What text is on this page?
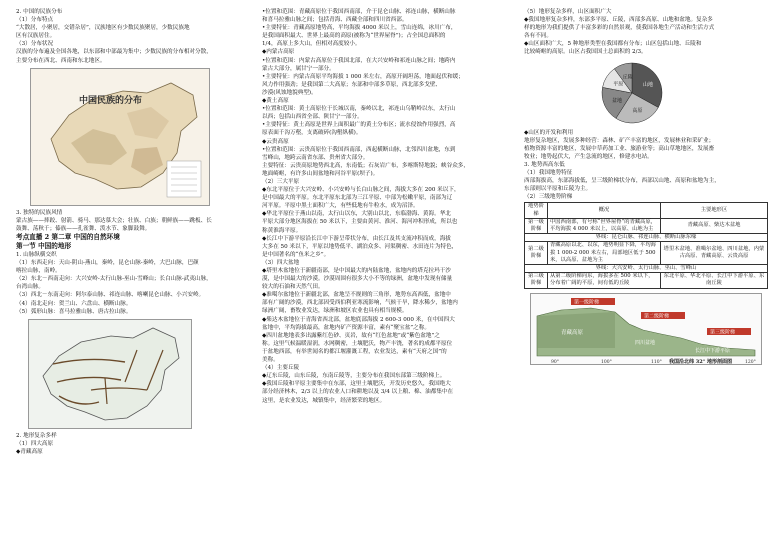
2. 中国的民族分布

（1）分布特点

“大散居，小聚居，交错杂居”，汉族地区有少数民族聚居，少数民族地

区有汉族居住。

（3）分布状况

汉族的分布遍及全国各地，以东部和中部最为集中；少数民族的分布相对分散，

主要分布在西北、西南和东北地区。

中国民族的分布

3. 独特的民族风情

蒙古族——摔跤、射箭、骑马、那达慕大会；壮族、白族；朝鲜族——跳板、长

鼓舞、荡秋千；傣族——孔雀舞、泼水节、象脚鼓舞。

考点直播 2 第二章 中国的自然环境

第一节 中国的地形

1. 山脉纵横交织

（1）东西走向：天山-阴山-燕山，秦岭，昆仑山脉-秦岭，大巴山脉，巴颜

喀拉山脉，南岭。

（2）东北－西南走向：大兴安岭-太行山脉-巫山-雪峰山；长白山脉-武夷山脉，

台湾山脉。

（3）西北－东南走向：阿尔泰山脉、祁连山脉、喀喇昆仑山脉、小兴安岭。

（4）南北走向：贺兰山、六盘山、横断山脉。

（5）弧形山脉：喜马拉雅山脉、唐古拉山脉。

2. 地形复杂多样

（1）四大高原

◆青藏高原

•位置和范围：青藏高原位于我国西南部，介于昆仑山脉、祁连山脉，横断山脉

和喜马拉雅山脉之间；包括青海、西藏全部和四川省西部。

•主要特征：青藏高原地势高，平均海拔 4000 米以上，雪山连绵，冰川广布，

是我国面积最大、世界上最高的高原(被称为“世界屋脊”)；占全国总面积的

1/4，高原上多大山，但相对高度较小。

◆内蒙古高原

•位置和范围：内蒙古高原位于我国北部，在大兴安岭和祁连山脉之间；地跨内

蒙古大部分，属甘宁一部分。

•主要特征：内蒙古高原平均海拔 1 000 米左右，高原开阔坦荡，地面起伏和缓；

风力作用强劲；是我国第二大高原；东部和中部多草原，西北部多戈壁、

沙漠(风蚀地貌典型)。

◆黄土高原

•位置和范围：黄土高原位于长城以南，秦岭以北，祁连山乌鞘岭以东，太行山

以西；包括山西省全部、陕甘宁一部分。

•主要特征：黄土高原是世界上面积最广的黄土分布区；流水侵蚀作用强烈，高

原表面千沟万壑，支离破碎(沟壑纵横)。

◆云贵高原

•位置和范围：云贵高原位于我国西南部，西起横断山脉，北邻四川盆地，东到

雪峰山，地跨云南省东部、贵州省大部分。

主要特征：云贵高原地势西北高，东南低；石灰岩广布，多喀斯特地貌；峡谷众多，

地面崎岖，有许多山间盆地和河谷平原(坝子)。

（2）三大平原

◆东北平原位于大兴安岭、小兴安岭与长白山脉之间，海拔大多在 200 米以下，

是中国最大的平原。东北平原东北部为三江平原、中部为松嫩平原，南部为辽

河平原。平原中黑土面积广大，有些低地有牛粒水，成为沼泽。

◆华北平原位于燕山以南，太行山以东，大别山以北，东临渤海、黄海。华北

平原大部分地区海拔在 50 米以下，主要由黄河、淮河、海河冲积形成，所以也

称黄淮海平原。

◆长江中下游平原沿长江中下游呈带状分布，由长江及其支流冲积而成，海拔

大多在 50 米以下，平原以地势低平、湖泊众多、河渠稠密、水田连片为特色，

是中国著名的“鱼米之乡”。

（3）四大盆地

◆塔里木盆地位于新疆南部，是中国最大的内陆盆地，盆地内的塔克拉玛干沙

漠，是中国最大的沙漠。沙漠周围有很多大小不等的绿洲，盆地中发现有储量

较大的石油和天然气田。

◆准噶尔盆地位于新疆北部，盆地呈不规则的三角形，地势东高西低，盆地中

部有广阔的沙漠，西北部因受西伯利亚寒流影响，气候干旱，降水稀少，盆地内

绿洲广阔，畜牧业发达，绿洲和坡区农业也具有相当规模。

◆柴达木盆地位于青海省西北部，盆地底部海拔 2 600-3 000 米，在中国四大

盆地中，平均海拔最高，盆地内矿产资源丰富，素有“聚宝盆”之称。

◆四川盆地地表多出露紫红色砂、页岩，故有“红色盆地”或“紫色盆地”之

称。这里气候温暖湿润，水网稠密，土壤肥沃，物产丰饶，著名的成都平原位

于盆地西部，有举世闻名的都江堰灌溉工程，农业发达，素有“天府之国”的

美称。

（4）主要丘陵

◆辽东丘陵，山东丘陵，东南丘陵等，主要分布在我国东部第三级阶梯上。

◆我国丘陵和平原主要集中在东部，这里土壤肥沃，开发历史悠久，我国绝大

部分经济林木，2/3 以上的农业人口和耕地以及 3/4 以上粮、棉、油都集中在

这里，是农业发达，城镇集中，经济繁荣的地区。

（5）地形复杂多样，山区面积广大

◆我国地形复杂多样，东部多平原、丘陵，西部多高原、山地和盆地。复杂多

样的地形为我们提供了丰富多彩的自然景观，使我国各地生产活动和生活方式

各有不同。

◆山区面积广大，5 种地形类型在我国都有分布；山区包括山地、丘陵和

比较崎岖的高原。山区占我国国土总面积的 2/3。

山地
高原
盆地
平原
丘陵

◆山区的开发和利用

地形复杂地区，发展多种经营：森林、矿产丰富的地区，发展林业和采矿业；

植物资源丰富的地区，发展中草药加工业、旅游业等；高山草地地区，发展畜

牧业；地势起伏大，产生急流的地区，修建水电站。

3. 地势西高东低

（1）我国地势特征

西部海拔高，东部海拔低，呈三级阶梯状分布，西部以山地、高原和盆地为主，

东部则以平原和丘陵为主。

（2）三级地势阶梯

地势阶梯	概况	主要地形区
第一级阶梯	中国西南部，有号称“世界屋脊”的青藏高原，平均海拔 4 000 米以上，以高原、山地为主	青藏高原、柴达木盆地
界线：昆仑山脉、祁连山脉、横断山脉东缘		
第二级阶梯	青藏高原以北、以东，地势明显下降，平均海拔 1 000-2 000 米左右，局部地区低于 500 米，以高原、盆地为主	塔里木盆地、准噶尔盆地、四川盆地，内蒙古高原、青藏高原、云贵高原
界线：大兴安岭、太行山脉、巫山、雪峰山		
第三级阶梯	从第二级阶梯向东，海拔多在 500 米以下，分布着广阔的平原，间有低的丘陵	东北平原、华北平原、长江中下游平原、东南丘陵
第一级阶梯
第二级阶梯
第三级阶梯
青藏高原
四川盆地
长江中下游平原
90°	100°	110° 我国沿北纬 32° 地形剖面图	120°
